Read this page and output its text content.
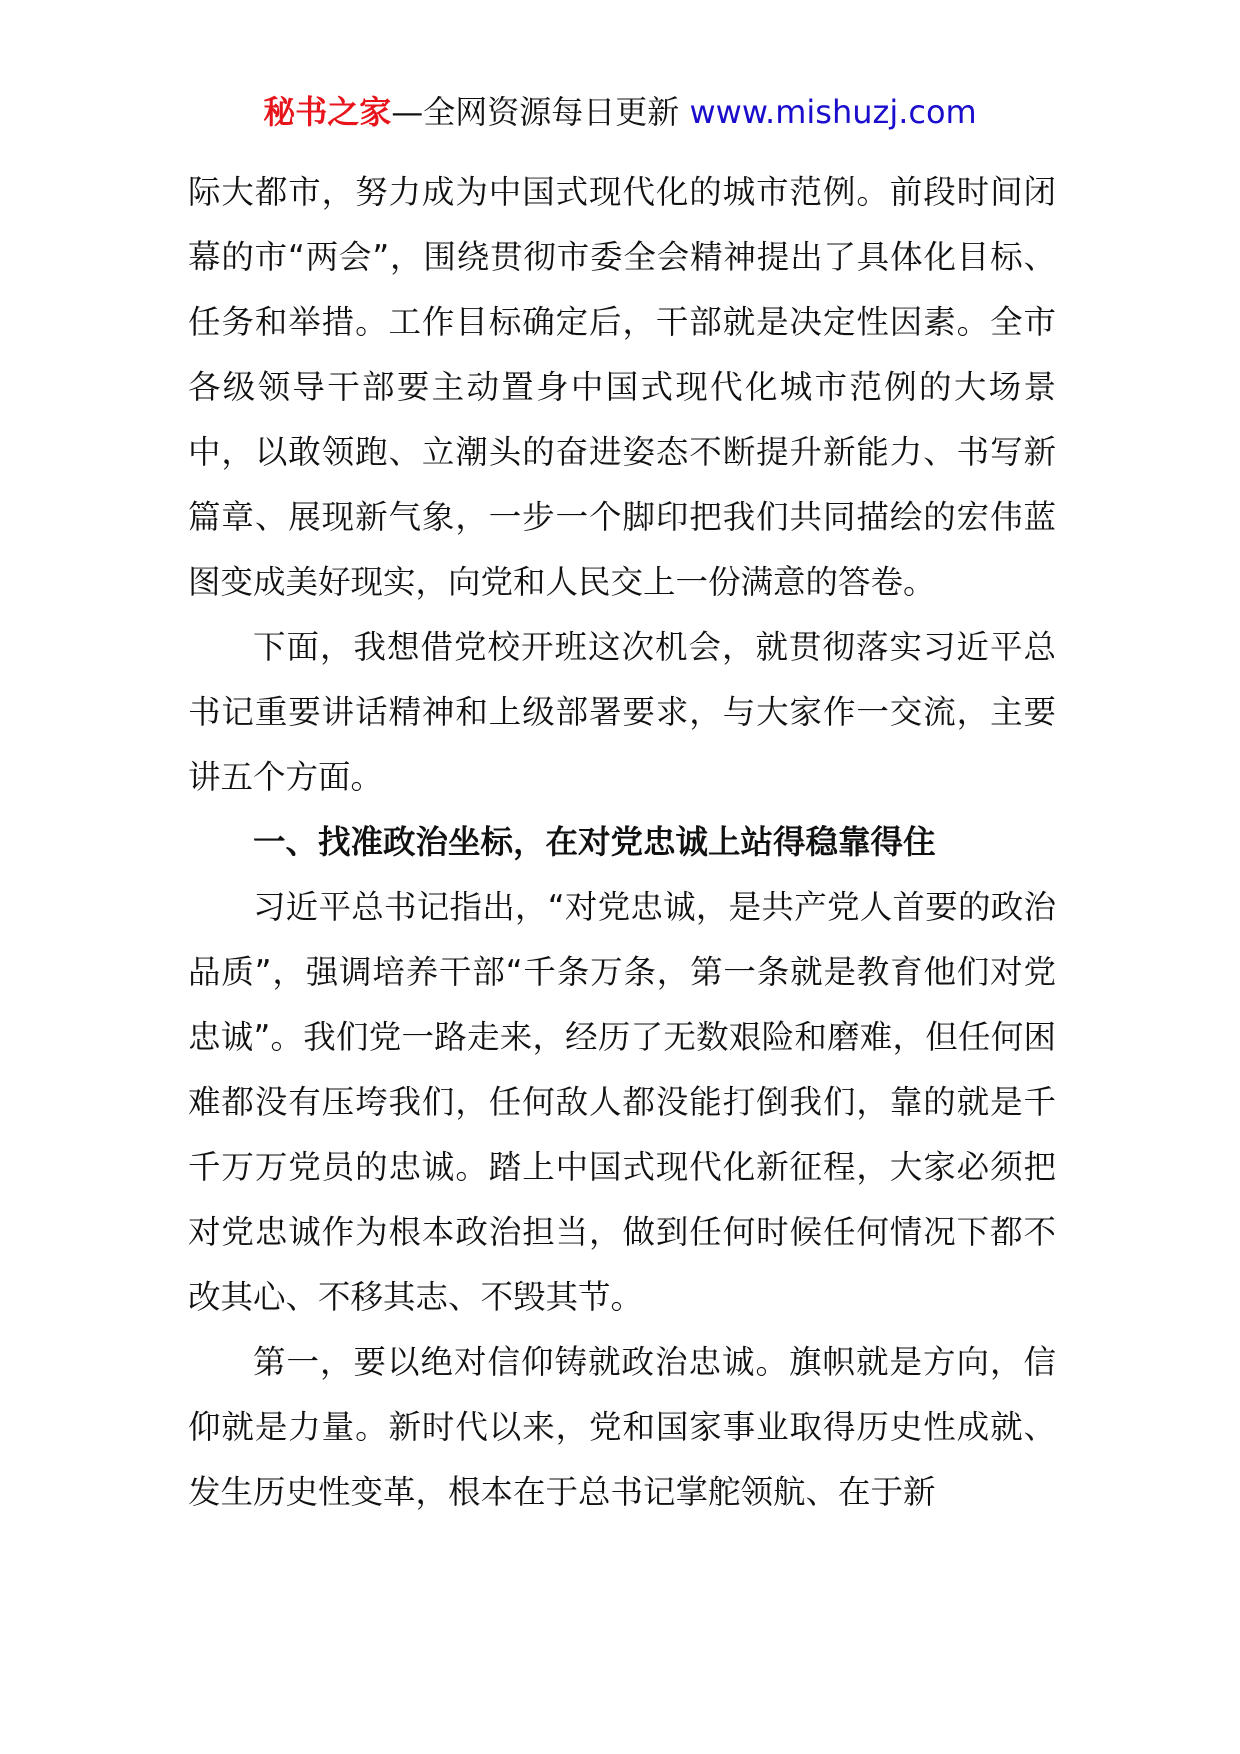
秘书之家—全网资源每日更新 www.mishuzj.com

际大都市，努力成为中国式现代化的城市范例。前段时间闭幕的市“两会”，围绕贯彻市委全会精神提出了具体化目标、任务和举措。工作目标确定后，干部就是决定性因素。全市各级领导干部要主动置身中国式现代化城市范例的大场景中，以敢领跑、立潮头的奋进姿态不断提升新能力、书写新篇章、展现新气象，一步一个脚印把我们共同描绘的宏伟蓝图变成美好现实，向党和人民交上一份满意的答卷。

下面，我想借党校开班这次机会，就贯彻落实习近平总书记重要讲话精神和上级部署要求，与大家作一交流，主要讲五个方面。

一、找准政治坐标，在对党忠诚上站得稳靠得住

习近平总书记指出，“对党忠诚，是共产党人首要的政治品质”，强调培养干部“千条万条，第一条就是教育他们对党忠诚”。我们党一路走来，经历了无数艰险和磨难，但任何困难都没有压垮我们，任何敌人都没能打倒我们，靠的就是千千万万党员的忠诚。踏上中国式现代化新征程，大家必须把对党忠诚作为根本政治担当，做到任何时候任何情况下都不改其心、不移其志、不毁其节。

第一，要以绝对信仰铸就政治忠诚。旗帜就是方向，信仰就是力量。新时代以来，党和国家事业取得历史性成就、发生历史性变革，根本在于总书记掌舵领航、在于新
